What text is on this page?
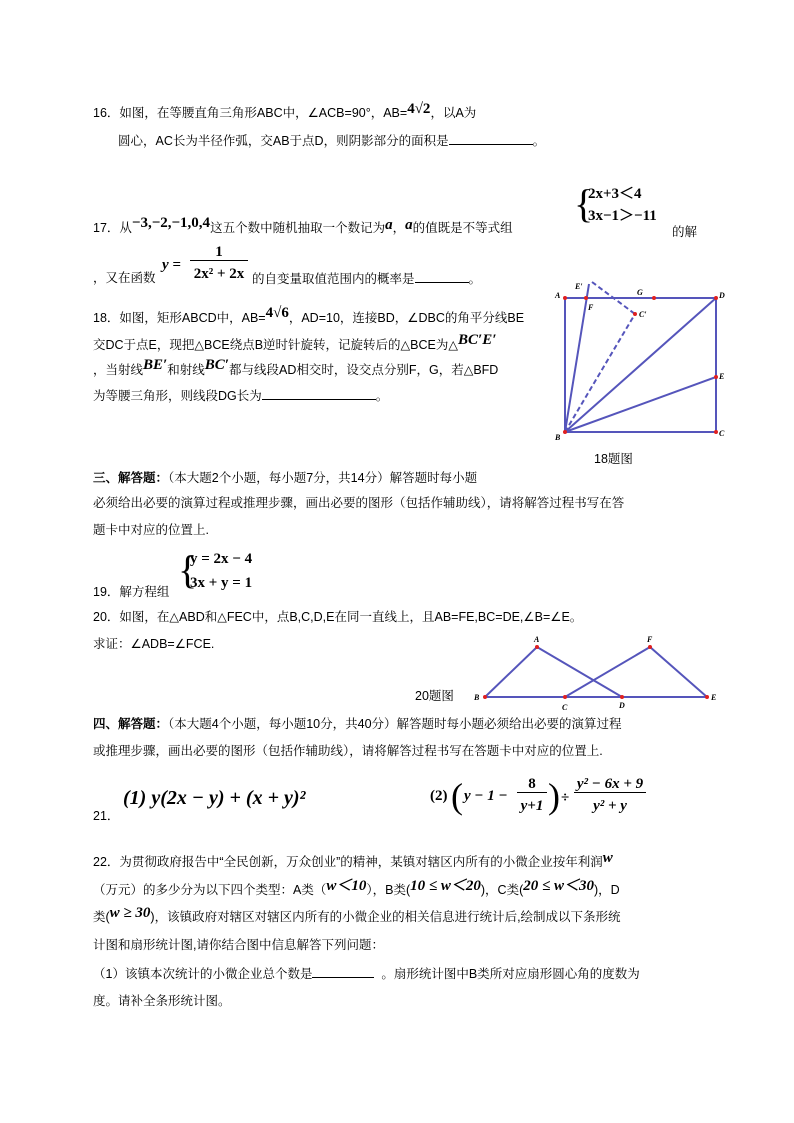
16．如图，在等腰直角三角形ABC中，∠ACB=90°，AB=4√2，以A为
圆心，AC长为半径作弧，交AB于点D，则阴影部分的面积是	。
{
2x+3＜4
3x−1＞−11
17．从−3,−2,−1,0,4这五个数中随机抽取一个数记为a，a的值既是不等式组	的解
，又在函数
y =
1
2x² + 2x 的自变量取值范围内的概率是	。
18．如图，矩形ABCD中，AB=4√6，AD=10，连接BD，∠DBC的角平分线BE
交DC于点E，现把△BCE绕点B逆时针旋转，记旋转后的△BCE为△BC′E′
，当射线BE′和射线BC′都与线段AD相交时，设交点分别F，G，若△BFD
为等腰三角形，则线段DG长为	。
A	D
B	C
E
F
G
C′
E′
18题图
三、解答题：（本大题2个小题，每小题7分，共14分）解答题时每小题
必须给出必要的演算过程或推理步骤，画出必要的图形（包括作辅助线），请将解答过程书写在答
题卡中对应的位置上.
19．解方程组 {
y = 2x − 4
3x + y = 1
20．如图，在△ABD和△FEC中，点B,C,D,E在同一直线上，且AB=FE,BC=DE,∠B=∠E。
求证：∠ADB=∠FCE.	A	F
B
C	D
E
20题图
四、解答题：（本大题4个小题，每小题10分，共40分）解答题时每小题必须给出必要的演算过程
或推理步骤，画出必要的图形（包括作辅助线），请将解答过程书写在答题卡中对应的位置上.
21．
(1) y(2x − y) + (x + y)²	(2) ( y − 1 −
8
y+1 ) ÷
y² − 6x + 9
y² + y
22．为贯彻政府报告中“全民创新，万众创业”的精神，某镇对辖区内所有的小微企业按年利润w
（万元）的多少分为以下四个类型：A类（w＜10），B类(10 ≤ w＜20)，C类(20 ≤ w＜30)，D
类(w ≥ 30)，该镇政府对辖区对辖区内所有的小微企业的相关信息进行统计后,绘制成以下条形统
计图和扇形统计图,请你结合图中信息解答下列问题：
（1）该镇本次统计的小微企业总个数是	。扇形统计图中B类所对应扇形圆心角的度数为
度。请补全条形统计图。
